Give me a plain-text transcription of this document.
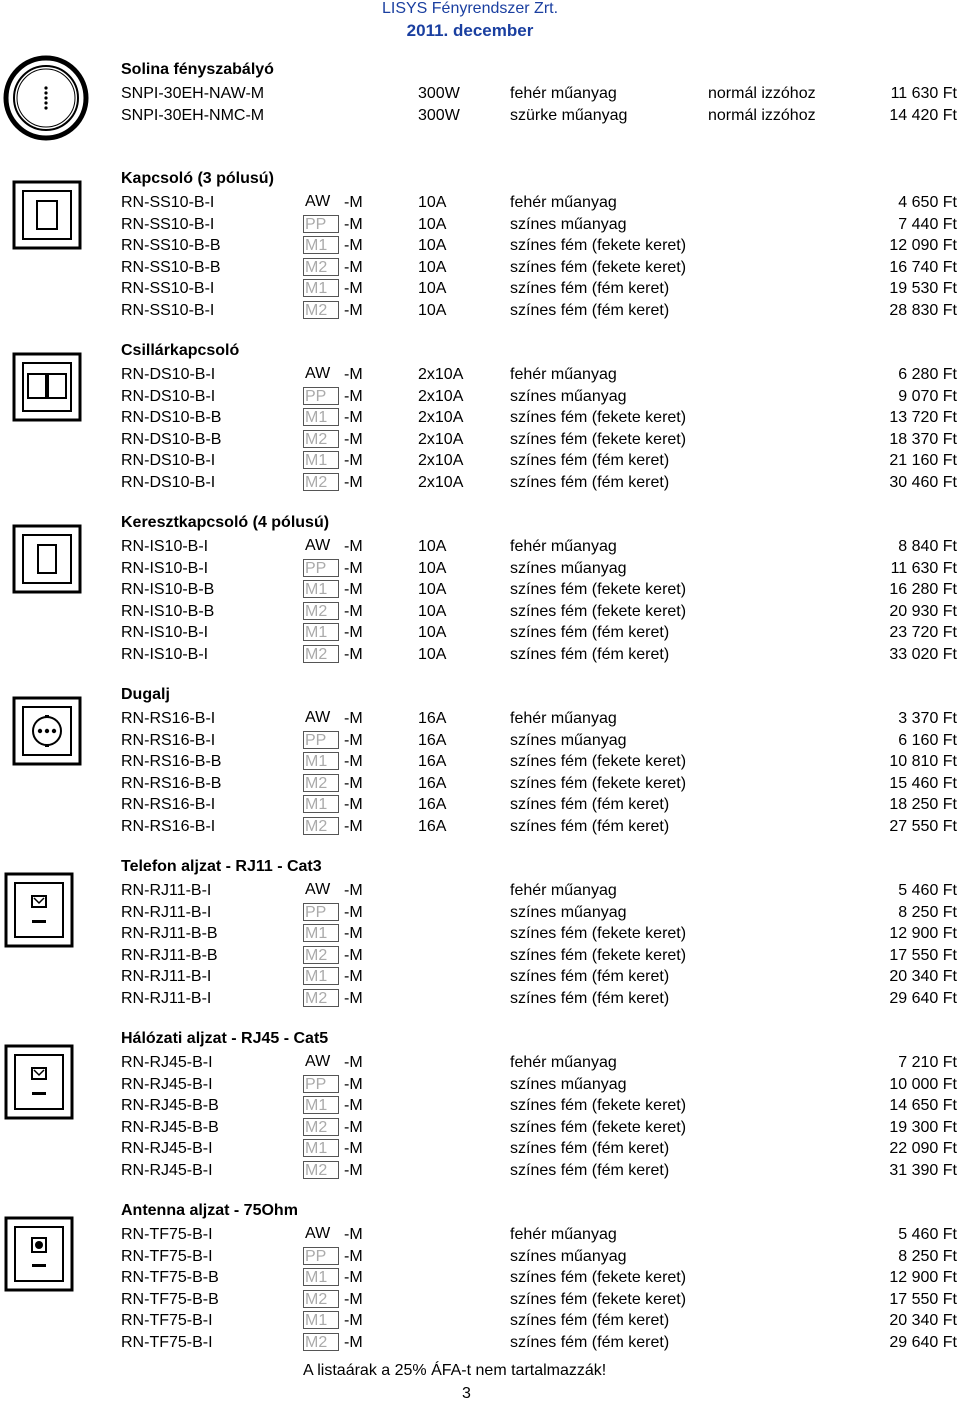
LISYS Fényrendszer Zrt.
2011. december
Solina fényszabályó
SNPI-30EH-NAW-M	300W	fehér műanyag	normál izzóhoz	11 630 Ft
SNPI-30EH-NMC-M	300W	szürke műanyag	normál izzóhoz	14 420 Ft
Kapcsoló (3 pólusú)
RN-SS10-B-I	AW -M	10A	fehér műanyag	4 650 Ft
RN-SS10-B-I	PP	-M	10A	színes műanyag	7 440 Ft
RN-SS10-B-B	M1	-M	10A	színes fém (fekete keret)	12 090 Ft
RN-SS10-B-B	M2	-M	10A	színes fém (fekete keret)	16 740 Ft
RN-SS10-B-I	M1	-M	10A	színes fém (fém keret)	19 530 Ft
RN-SS10-B-I	M2	-M	10A	színes fém (fém keret)	28 830 Ft
Csillárkapcsoló
RN-DS10-B-I	AW -M	2x10A	fehér műanyag	6 280 Ft
RN-DS10-B-I	PP	-M	2x10A	színes műanyag	9 070 Ft
RN-DS10-B-B	M1	-M	2x10A	színes fém (fekete keret)	13 720 Ft
RN-DS10-B-B	M2	-M	2x10A	színes fém (fekete keret)	18 370 Ft
RN-DS10-B-I	M1	-M	2x10A	színes fém (fém keret)	21 160 Ft
RN-DS10-B-I	M2	-M	2x10A	színes fém (fém keret)	30 460 Ft
Keresztkapcsoló (4 pólusú)
RN-IS10-B-I	AW -M	10A	fehér műanyag	8 840 Ft
RN-IS10-B-I	PP	-M	10A	színes műanyag	11 630 Ft
RN-IS10-B-B	M1	-M	10A	színes fém (fekete keret)	16 280 Ft
RN-IS10-B-B	M2	-M	10A	színes fém (fekete keret)	20 930 Ft
RN-IS10-B-I	M1	-M	10A	színes fém (fém keret)	23 720 Ft
RN-IS10-B-I	M2	-M	10A	színes fém (fém keret)	33 020 Ft
Dugalj
RN-RS16-B-I	AW -M	16A	fehér műanyag	3 370 Ft
RN-RS16-B-I	PP	-M	16A	színes műanyag	6 160 Ft
RN-RS16-B-B	M1	-M	16A	színes fém (fekete keret)	10 810 Ft
RN-RS16-B-B	M2	-M	16A	színes fém (fekete keret)	15 460 Ft
RN-RS16-B-I	M1	-M	16A	színes fém (fém keret)	18 250 Ft
RN-RS16-B-I	M2	-M	16A	színes fém (fém keret)	27 550 Ft
Telefon aljzat - RJ11 - Cat3
RN-RJ11-B-I	AW -M	fehér műanyag	5 460 Ft
RN-RJ11-B-I	PP	-M	színes műanyag	8 250 Ft
RN-RJ11-B-B	M1	-M	színes fém (fekete keret)	12 900 Ft
RN-RJ11-B-B	M2	-M	színes fém (fekete keret)	17 550 Ft
RN-RJ11-B-I	M1	-M	színes fém (fém keret)	20 340 Ft
RN-RJ11-B-I	M2	-M	színes fém (fém keret)	29 640 Ft
Hálózati aljzat - RJ45 - Cat5
RN-RJ45-B-I	AW -M	fehér műanyag	7 210 Ft
RN-RJ45-B-I	PP	-M	színes műanyag	10 000 Ft
RN-RJ45-B-B	M1	-M	színes fém (fekete keret)	14 650 Ft
RN-RJ45-B-B	M2	-M	színes fém (fekete keret)	19 300 Ft
RN-RJ45-B-I	M1	-M	színes fém (fém keret)	22 090 Ft
RN-RJ45-B-I	M2	-M	színes fém (fém keret)	31 390 Ft
Antenna aljzat - 75Ohm
RN-TF75-B-I	AW -M	fehér műanyag	5 460 Ft
RN-TF75-B-I	PP	-M	színes műanyag	8 250 Ft
RN-TF75-B-B	M1	-M	színes fém (fekete keret)	12 900 Ft
RN-TF75-B-B	M2	-M	színes fém (fekete keret)	17 550 Ft
RN-TF75-B-I	M1	-M	színes fém (fém keret)	20 340 Ft
RN-TF75-B-I	M2	-M	színes fém (fém keret)	29 640 Ft
A listaárak a 25% ÁFA-t nem tartalmazzák!
3
